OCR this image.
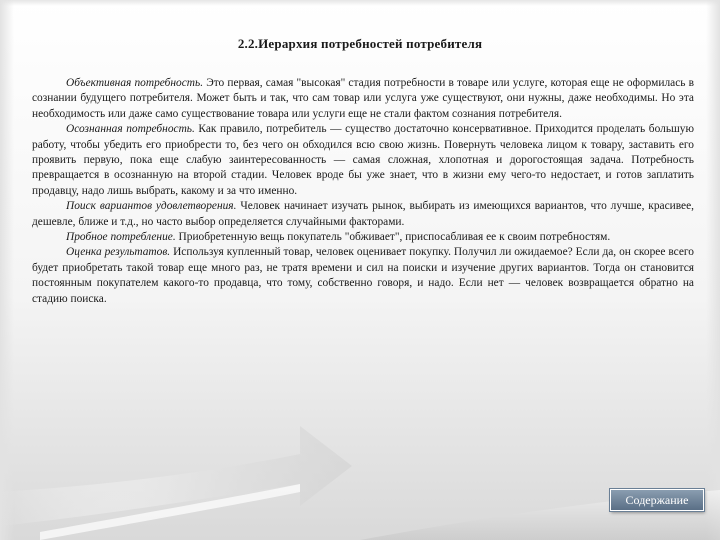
2.2.Иерархия потребностей потребителя

Объективная потребность. Это первая, самая "высокая" стадия потребности в товаре или услуге, которая еще не оформилась в сознании будущего потребителя. Может быть и так, что сам товар или услуга уже существуют, они нужны, даже необходимы. Но эта необходимость или даже само существование товара или услуги еще не стали фактом сознания потребителя.

Осознанная потребность. Как правило, потребитель — существо достаточно консервативное. Приходится проделать большую работу, чтобы убедить его приобрести то, без чего он обходился всю свою жизнь. Повернуть человека лицом к товару, заставить его проявить первую, пока еще слабую заинтересованность — самая сложная, хлопотная и дорогостоящая задача. Потребность превращается в осознанную на второй стадии. Человек вроде бы уже знает, что в жизни ему чего-то недостает, и готов заплатить продавцу, надо лишь выбрать, какому и за что именно.

Поиск вариантов удовлетворения. Человек начинает изучать рынок, выбирать из имеющихся вариантов, что лучше, красивее, дешевле, ближе и т.д., но часто выбор определяется случайными факторами.

Пробное потребление. Приобретенную вещь покупатель "обживает", приспосабливая ее к своим потребностям.

Оценка результатов. Используя купленный товар, человек оценивает покупку. Получил ли ожидаемое? Если да, он скорее всего будет приобретать такой товар еще много раз, не тратя времени и сил на поиски и изучение других вариантов. Тогда он становится постоянным покупателем какого-то продавца, что тому, собственно говоря, и надо. Если нет — человек возвращается обратно на стадию поиска.

Содержание
